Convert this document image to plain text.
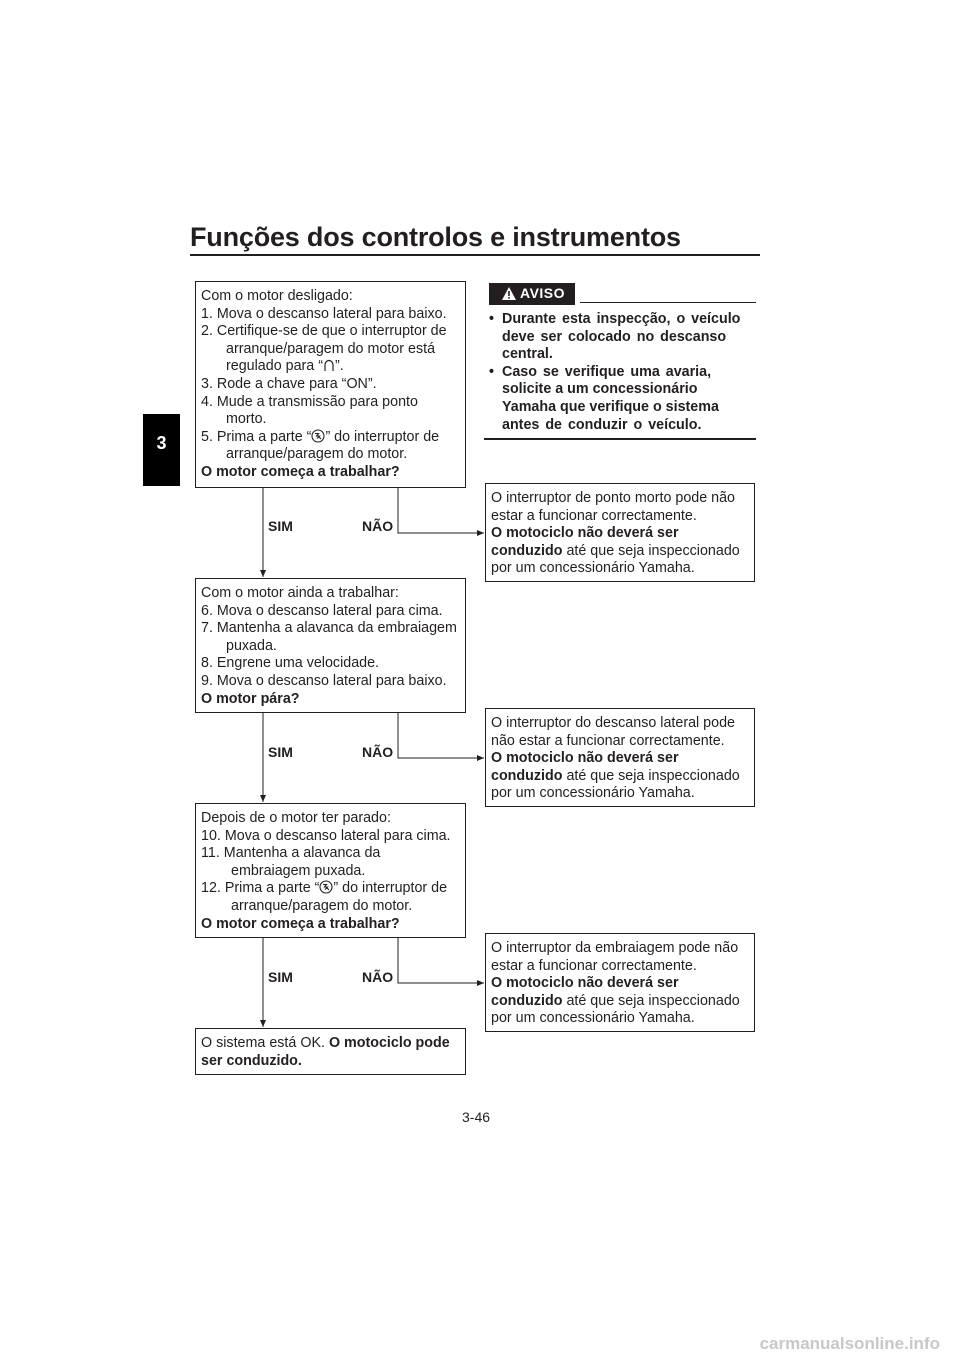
Funções dos controlos e instrumentos
3
SIM	NÃO
SIM	NÃO
SIM	NÃO
Com o motor desligado:
1. Mova o descanso lateral para baixo.
2. Certifique-se de que o interruptor de
arranque/paragem do motor está
regulado para “ ”.
3. Rode a chave para “ON”.
4. Mude a transmissão para ponto
morto.
5. Prima a parte “ ” do interruptor de
arranque/paragem do motor.
O motor começa a trabalhar?
Com o motor ainda a trabalhar:
6. Mova o descanso lateral para cima.
7. Mantenha a alavanca da embraiagem
puxada.
8. Engrene uma velocidade.
9. Mova o descanso lateral para baixo.
O motor pára?
Depois de o motor ter parado:
10. Mova o descanso lateral para cima.
11. Mantenha a alavanca da
embraiagem puxada.
12. Prima a parte “ ” do interruptor de
arranque/paragem do motor.
O motor começa a trabalhar?
O sistema está OK. O motociclo pode
ser conduzido.
O interruptor de ponto morto pode não
estar a funcionar correctamente.
O motociclo não deverá ser
conduzido até que seja inspeccionado
por um concessionário Yamaha.
O interruptor do descanso lateral pode
não estar a funcionar correctamente.
O motociclo não deverá ser
conduzido até que seja inspeccionado
por um concessionário Yamaha.
O interruptor da embraiagem pode não
estar a funcionar correctamente.
O motociclo não deverá ser
conduzido até que seja inspeccionado
por um concessionário Yamaha.
AVISO
• Durante esta inspecção, o veículo
deve ser colocado no descanso
central.
• Caso se verifique uma avaria,
solicite a um concessionário
Yamaha que verifique o sistema
antes de conduzir o veículo.
3-46
carmanualsonline.info
